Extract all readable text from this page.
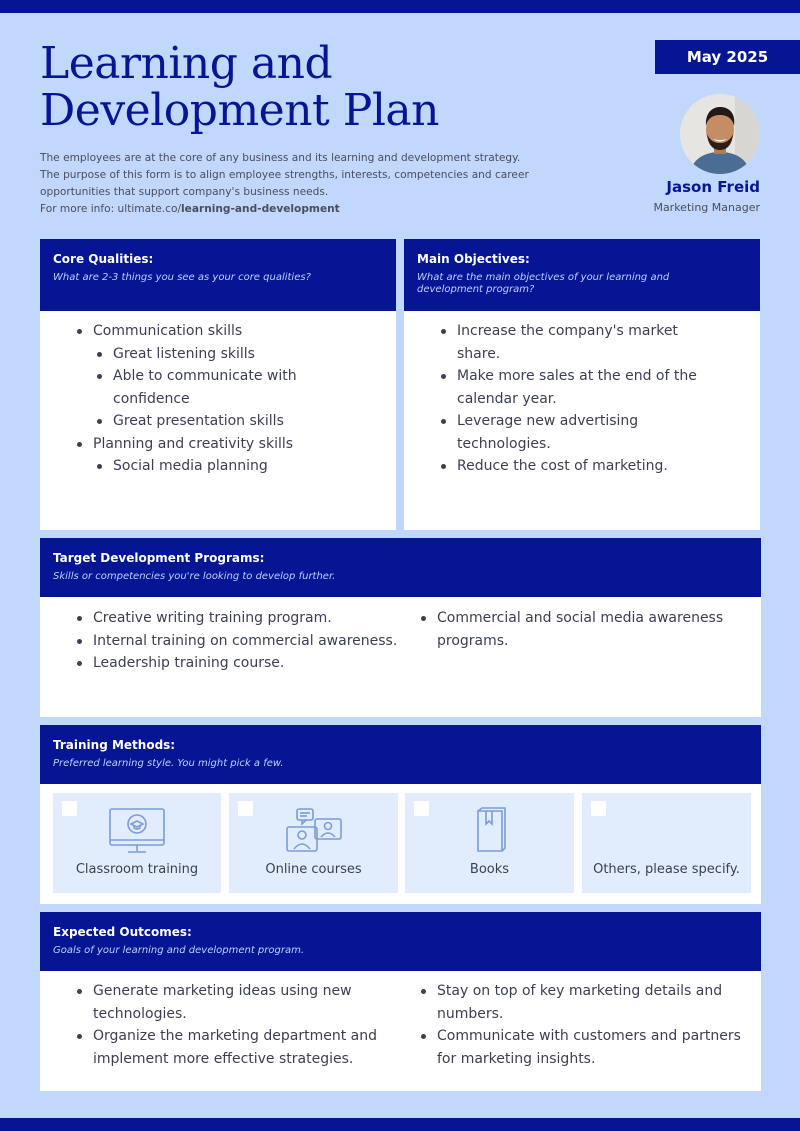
Learning and
Development Plan

The employees are at the core of any business and its learning and development strategy.

The purpose of this form is to align employee strengths, interests, competencies and career

opportunities that support company's business needs.

For more info: ultimate.co/learning-and-development

May 2025
Jason Freid
Marketing Manager
Core Qualities:
What are 2-3 things you see as your core qualities?
Communication skills
Great listening skills
Able to communicate with confidence
Great presentation skills
Planning and creativity skills
Social media planning
Main Objectives:
What are the main objectives of your learning and
development program?
Increase the company's market share.
Make more sales at the end of the calendar year.
Leverage new advertising technologies.
Reduce the cost of marketing.
Target Development Programs:
Skills or competencies you're looking to develop further.
Creative writing training program.
Internal training on commercial awareness.
Leadership training course.
Commercial and social media awareness programs.
Training Methods:
Preferred learning style. You might pick a few.
Classroom training	Online courses	Books	Others, please specify.
Expected Outcomes:
Goals of your learning and development program.
Generate marketing ideas using new technologies.
Organize the marketing department and implement more effective strategies.
Stay on top of key marketing details and numbers.
Communicate with customers and partners for marketing insights.
